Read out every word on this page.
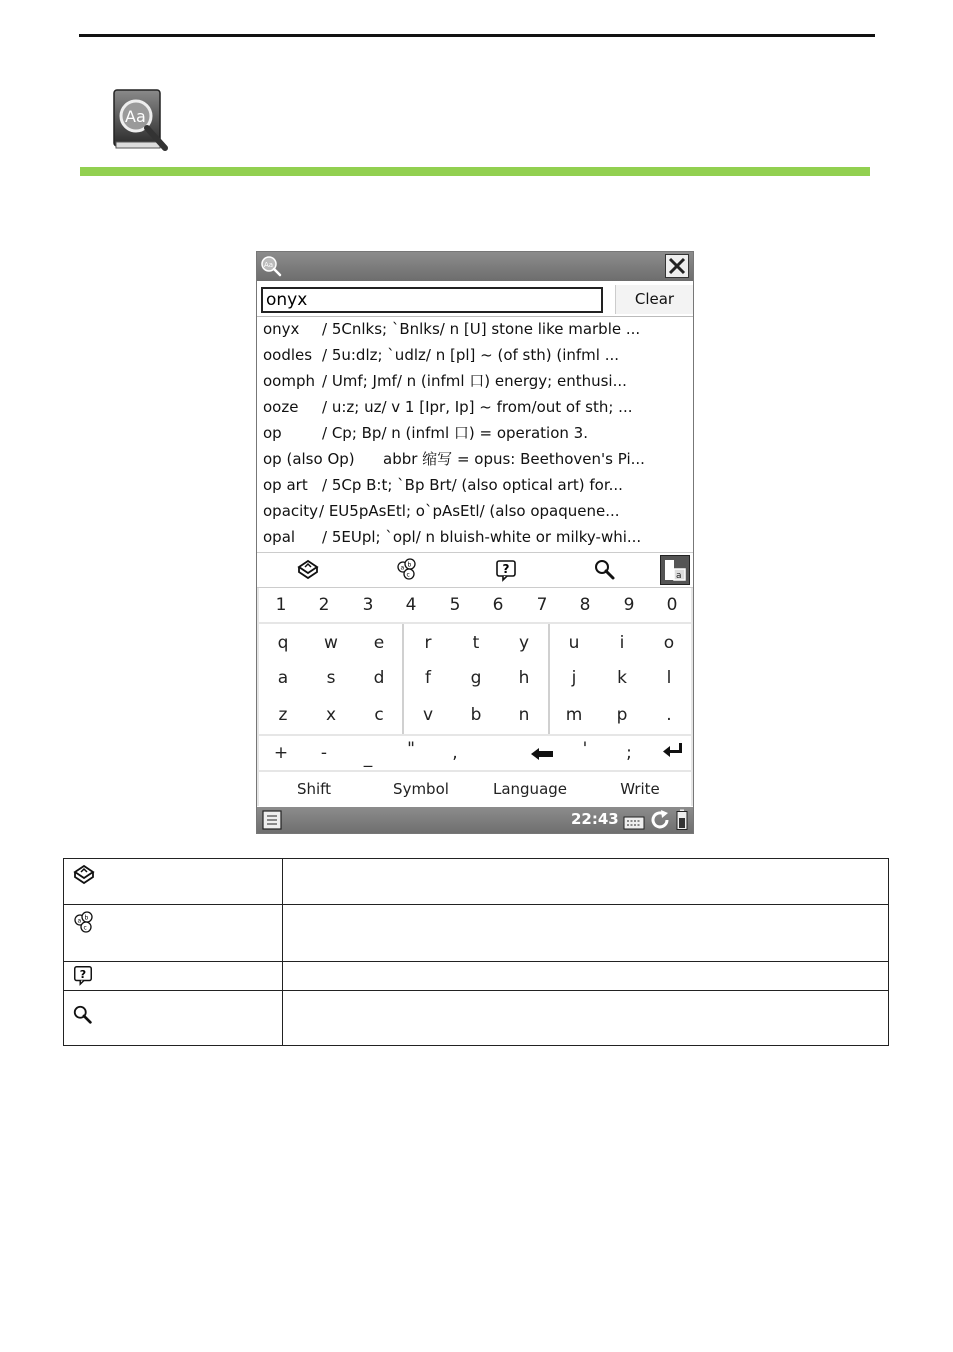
Aa
Aa
onyx	Clear
onyx / 5Cnlks; `Bnlks/ n [U] stone like marble ...
oodles / 5u:dlz; `udlz/ n [pl] ~ (of sth) (infml ...
oomph / Umf; Jmf/ n (infml 口) energy; enthusi...
ooze / u:z; uz/ v 1 [Ipr, Ip] ~ from/out of sth; ...
op	/ Cp; Bp/ n (infml 口) = operation 3.
op (also Op) abbr 缩写 = opus: Beethoven's Pi...
op art / 5Cp B:t; `Bp Brt/ (also optical art) for...
opacity / EU5pAsEtl; o`pAsEtl/ (also opaquene...
opal / 5EUpl; `opl/ n bluish-white or milky-whi...
a b
c	?	a
1	2	3	4	5	6	7	8	9	0
q	w	e	r	t	y	u	i	o
a	s	d	f	g	h	j	k	l
z	x	c	v	b	n	m	p	.
+	-	_	"	,	'	;
Shift	Symbol	Language	Write
22:43

a b
c	

?	
